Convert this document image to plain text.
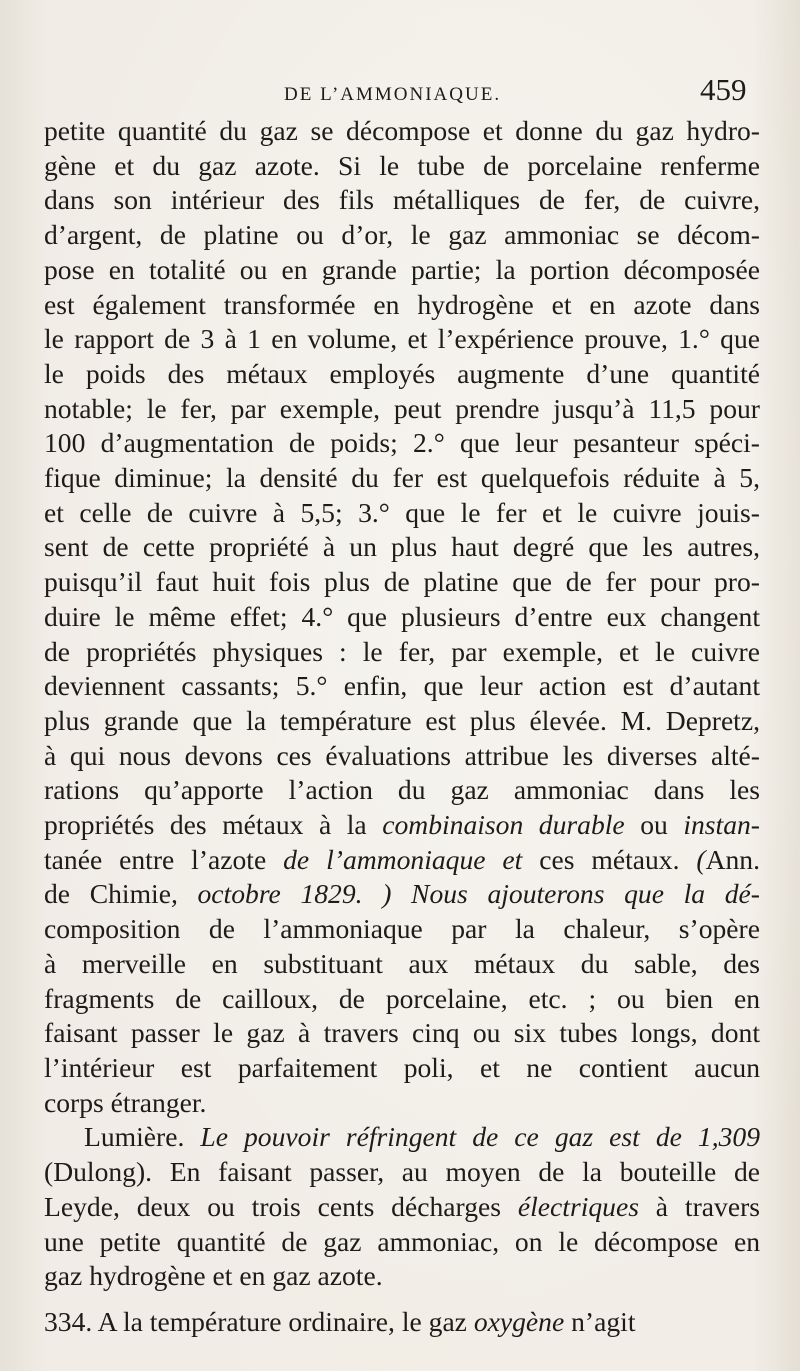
DE L’AMMONIAQUE.	459
petite quantité du gaz se décompose et donne du gaz hydro-
gène et du gaz azote. Si le tube de porcelaine renferme
dans son intérieur des fils métalliques de fer, de cuivre,
d’argent, de platine ou d’or, le gaz ammoniac se décom-
pose en totalité ou en grande partie; la portion décomposée
est également transformée en hydrogène et en azote dans
le rapport de 3 à 1 en volume, et l’expérience prouve, 1.° que
le poids des métaux employés augmente d’une quantité
notable; le fer, par exemple, peut prendre jusqu’à 11,5 pour
100 d’augmentation de poids; 2.° que leur pesanteur spéci-
fique diminue; la densité du fer est quelquefois réduite à 5,
et celle de cuivre à 5,5; 3.° que le fer et le cuivre jouis-
sent de cette propriété à un plus haut degré que les autres,
puisqu’il faut huit fois plus de platine que de fer pour pro-
duire le même effet; 4.° que plusieurs d’entre eux changent
de propriétés physiques : le fer, par exemple, et le cuivre
deviennent cassants; 5.° enfin, que leur action est d’autant
plus grande que la température est plus élevée. M. Depretz,
à qui nous devons ces évaluations attribue les diverses alté-
rations qu’apporte l’action du gaz ammoniac dans les
propriétés des métaux à la combinaison durable ou instan-
tanée entre l’azote de l’ammoniaque et ces métaux. (Ann.
de Chimie, octobre 1829. ) Nous ajouterons que la dé-
composition de l’ammoniaque par la chaleur, s’opère
à merveille en substituant aux métaux du sable, des
fragments de cailloux, de porcelaine, etc. ; ou bien en
faisant passer le gaz à travers cinq ou six tubes longs, dont
l’intérieur est parfaitement poli, et ne contient aucun
corps étranger.
Lumière. Le pouvoir réfringent de ce gaz est de 1,309
(Dulong). En faisant passer, au moyen de la bouteille de
Leyde, deux ou trois cents décharges électriques à travers
une petite quantité de gaz ammoniac, on le décompose en
gaz hydrogène et en gaz azote.
334. A la température ordinaire, le gaz oxygène n’agit
